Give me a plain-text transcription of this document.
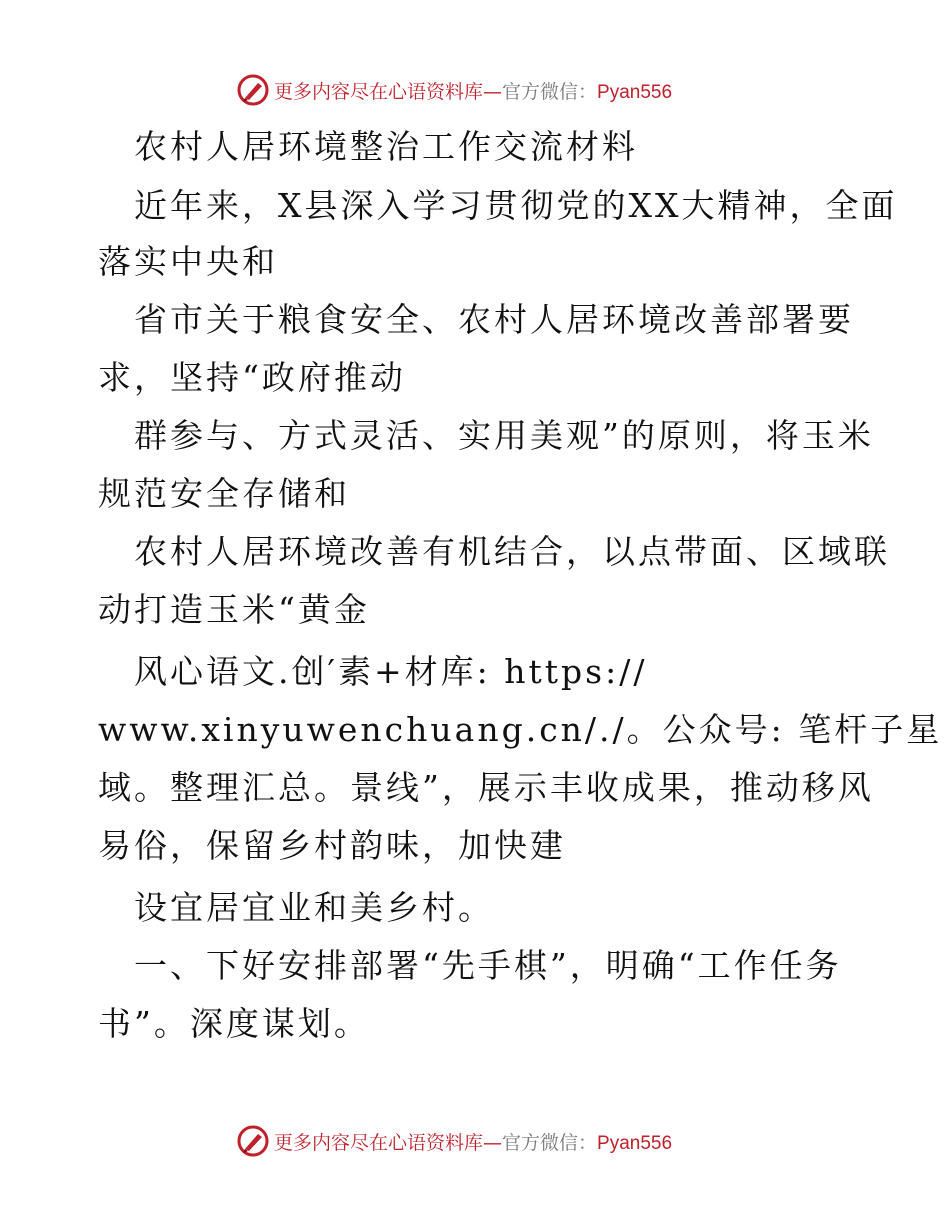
更多内容尽在心语资料库—官方微信：Pyan556
农村人居环境整治工作交流材料
近年来，X县深入学习贯彻党的XX大精神，全面
落实中央和
省市关于粮食安全、农村人居环境改善部署要
求，坚持“政府推动
群参与、方式灵活、实用美观”的原则，将玉米
规范安全存储和
农村人居环境改善有机结合，以点带面、区域联
动打造玉米“黄金
风心语文.创′素+材库: https://
www.xinyuwenchuang.cn/./。公众号: 笔杆子星
域。整理汇总。景线”，展示丰收成果，推动移风
易俗，保留乡村韵味，加快建
设宜居宜业和美乡村。
一、下好安排部署“先手棋”，明确“工作任务
书”。深度谋划。
更多内容尽在心语资料库—官方微信：Pyan556
